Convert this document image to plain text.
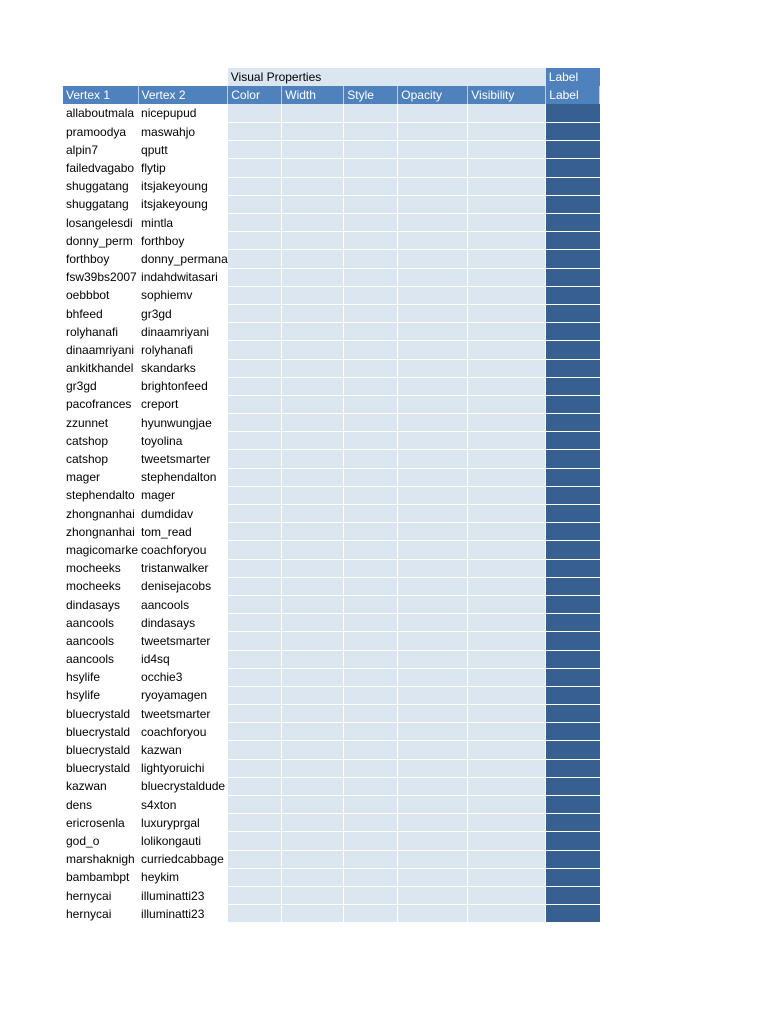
		Visual Properties					Label
Vertex 1	Vertex 2	Color	Width	Style	Opacity	Visibility	Label
allaboutmala	nicepupud						
pramoodya	maswahjo						
alpin7	qputt						
failedvagabo	flytip						
shuggatang	itsjakeyoung						
shuggatang	itsjakeyoung						
losangelesdi	mintla						
donny_perm	forthboy						
forthboy	donny_permana						
fsw39bs2007	indahdwitasari						
oebbbot	sophiemv						
bhfeed	gr3gd						
rolyhanafi	dinaamriyani						
dinaamriyani	rolyhanafi						
ankitkhandel	skandarks						
gr3gd	brightonfeed						
pacofrances	creport						
zzunnet	hyunwungjae						
catshop	toyolina						
catshop	tweetsmarter						
mager	stephendalton						
stephendalto	mager						
zhongnanhai	dumdidav						
zhongnanhai	tom_read						
magicomarke	coachforyou						
mocheeks	tristanwalker						
mocheeks	denisejacobs						
dindasays	aancools						
aancools	dindasays						
aancools	tweetsmarter						
aancools	id4sq						
hsylife	occhie3						
hsylife	ryoyamagen						
bluecrystald	tweetsmarter						
bluecrystald	coachforyou						
bluecrystald	kazwan						
bluecrystald	lightyoruichi						
kazwan	bluecrystaldude						
dens	s4xton						
ericrosenla	luxuryprgal						
god_o	lolikongauti						
marshaknigh	curriedcabbage						
bambambpt	heykim						
hernycai	illuminatti23						
hernycai	illuminatti23						
